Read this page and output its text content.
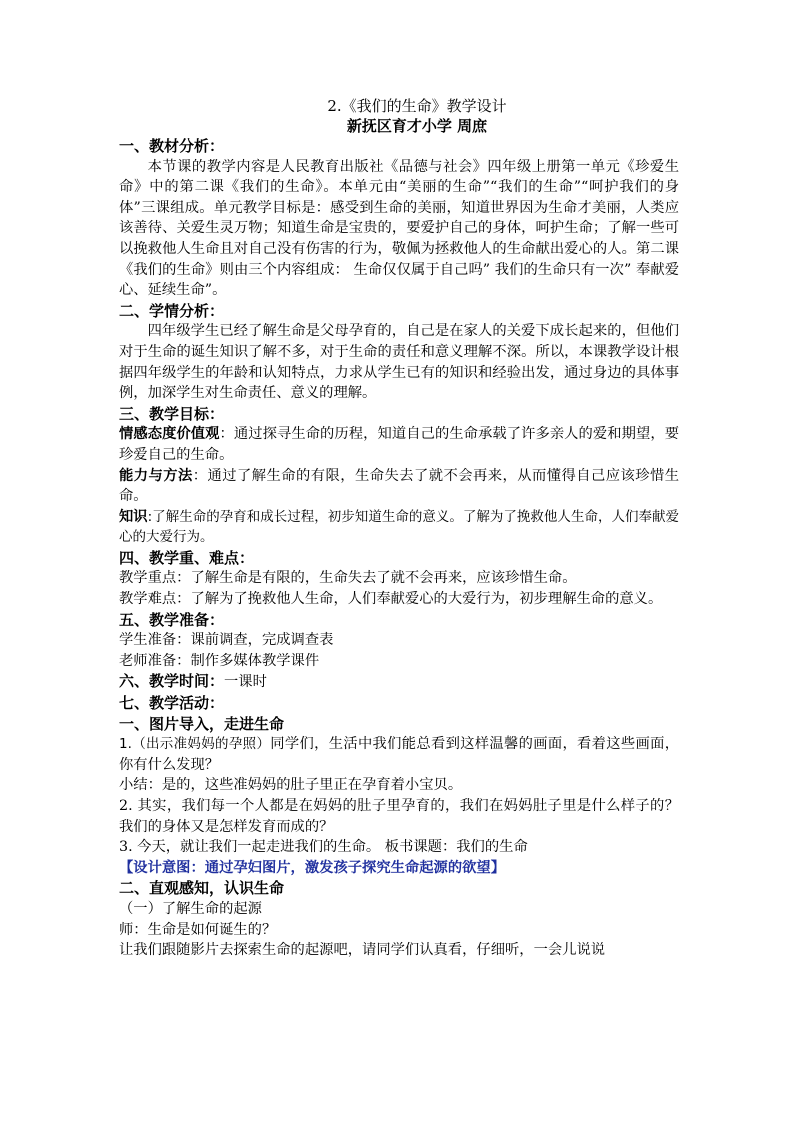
2.《我们的生命》教学设计
新抚区育才小学 周庶
一、教材分析：
本节课的教学内容是人民教育出版社《品德与社会》四年级上册第一单元《珍爱生命》中的第二课《我们的生命》。本单元由“美丽的生命”“我们的生命”“呵护我们的身体”三课组成。单元教学目标是：感受到生命的美丽，知道世界因为生命才美丽，人类应该善待、关爱生灵万物；知道生命是宝贵的，要爱护自己的身体，呵护生命；了解一些可以挽救他人生命且对自己没有伤害的行为，敬佩为拯救他人的生命献出爱心的人。第二课《我们的生命》则由三个内容组成： 生命仅仅属于自己吗” 我们的生命只有一次” 奉献爱心、延续生命”。
二、学情分析：
四年级学生已经了解生命是父母孕育的，自己是在家人的关爱下成长起来的，但他们对于生命的诞生知识了解不多，对于生命的责任和意义理解不深。所以，本课教学设计根据四年级学生的年龄和认知特点，力求从学生已有的知识和经验出发，通过身边的具体事例，加深学生对生命责任、意义的理解。
三、教学目标：
情感态度价值观：通过探寻生命的历程，知道自己的生命承载了许多亲人的爱和期望，要珍爱自己的生命。
能力与方法：通过了解生命的有限，生命失去了就不会再来，从而懂得自己应该珍惜生命。
知识:了解生命的孕育和成长过程，初步知道生命的意义。了解为了挽救他人生命，人们奉献爱心的大爱行为。
四、教学重、难点：
教学重点：了解生命是有限的，生命失去了就不会再来，应该珍惜生命。
教学难点：了解为了挽救他人生命，人们奉献爱心的大爱行为，初步理解生命的意义。
五、教学准备：
学生准备：课前调查，完成调查表
老师准备：制作多媒体教学课件
六、教学时间：一课时
七、教学活动：
一、图片导入，走进生命
1.（出示准妈妈的孕照）同学们，生活中我们能总看到这样温馨的画面，看着这些画面，你有什么发现？
小结：是的，这些准妈妈的肚子里正在孕育着小宝贝。
2. 其实，我们每一个人都是在妈妈的肚子里孕育的，我们在妈妈肚子里是什么样子的？我们的身体又是怎样发育而成的？
3. 今天，就让我们一起走进我们的生命。 板书课题：我们的生命
【设计意图：通过孕妇图片，激发孩子探究生命起源的欲望】
二、直观感知，认识生命
（一）了解生命的起源
师：生命是如何诞生的？
让我们跟随影片去探索生命的起源吧，请同学们认真看，仔细听，一会儿说说
